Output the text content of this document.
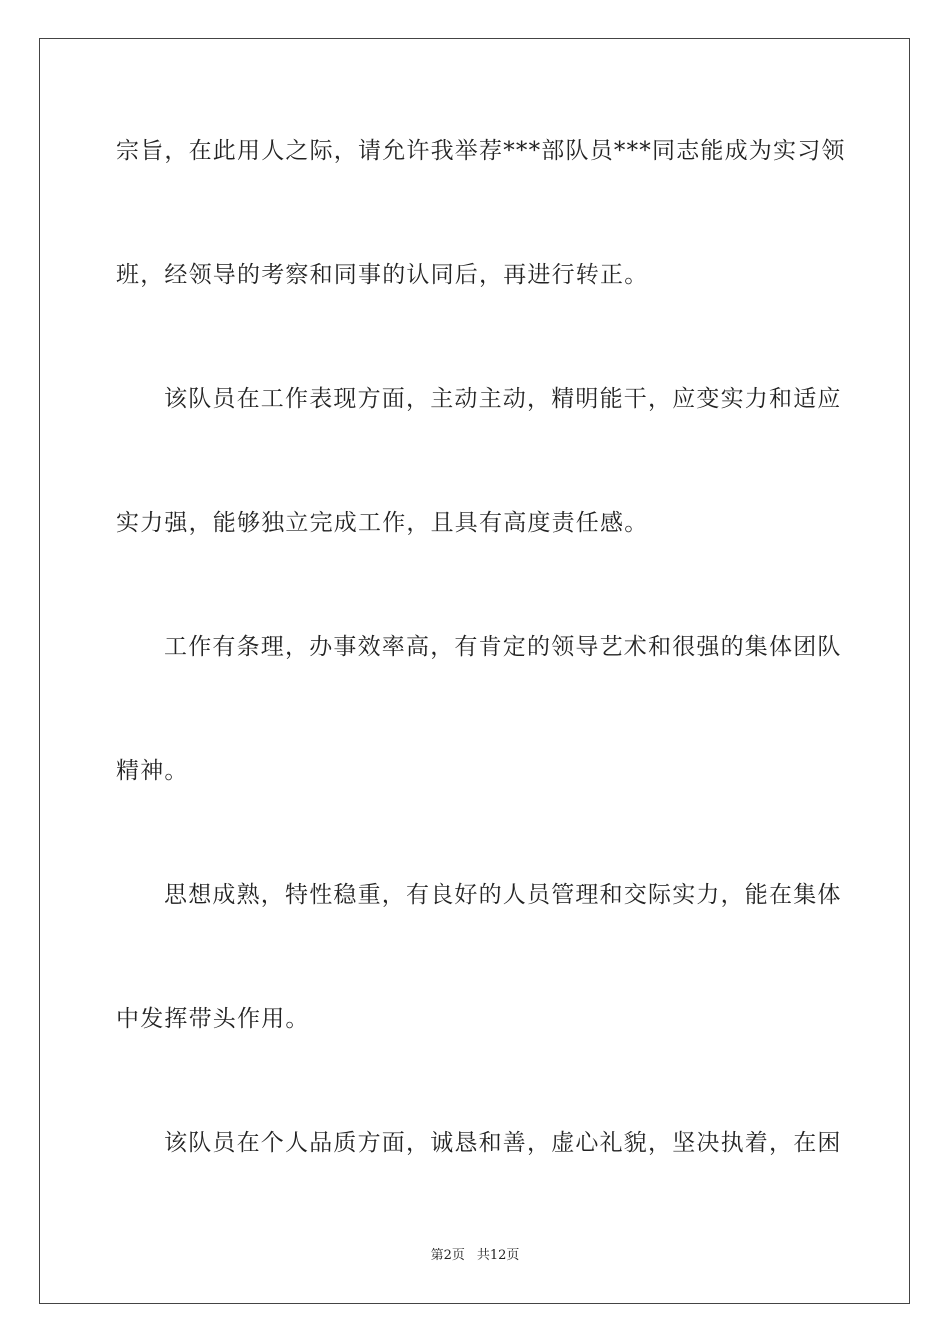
宗旨，在此用人之际，请允许我举荐***部队员***同志能成为实习领
班，经领导的考察和同事的认同后，再进行转正。
该队员在工作表现方面，主动主动，精明能干，应变实力和适应
实力强，能够独立完成工作，且具有高度责任感。
工作有条理，办事效率高，有肯定的领导艺术和很强的集体团队
精神。
思想成熟，特性稳重，有良好的人员管理和交际实力，能在集体
中发挥带头作用。
该队员在个人品质方面，诚恳和善，虚心礼貌，坚决执着，在困
第2页 共12页
